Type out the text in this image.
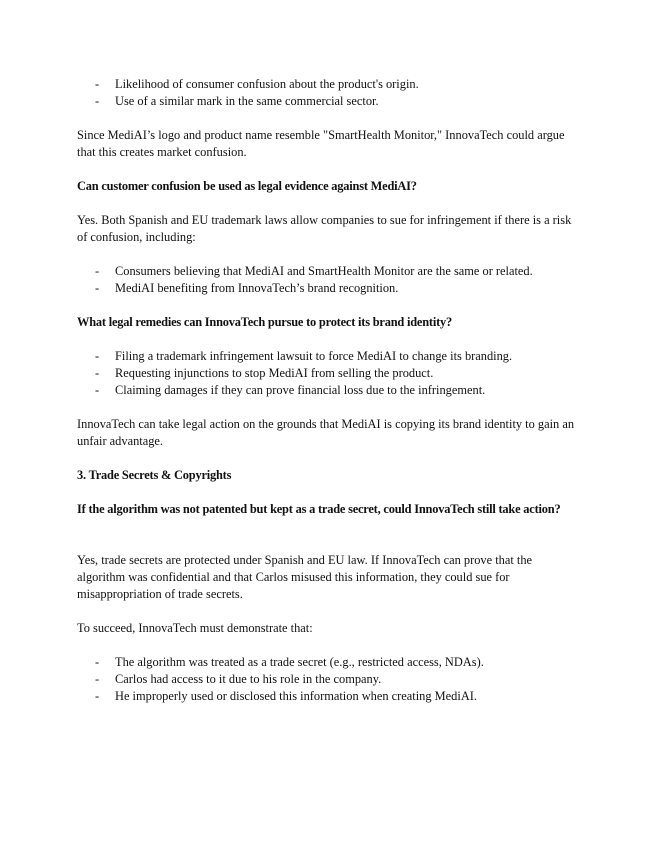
- Likelihood of consumer confusion about the product's origin.
- Use of a similar mark in the same commercial sector.

Since MediAI’s logo and product name resemble "SmartHealth Monitor," InnovaTech could argue that this creates market confusion.

Can customer confusion be used as legal evidence against MediAI?

Yes. Both Spanish and EU trademark laws allow companies to sue for infringement if there is a risk of confusion, including:

- Consumers believing that MediAI and SmartHealth Monitor are the same or related.
- MediAI benefiting from InnovaTech’s brand recognition.

What legal remedies can InnovaTech pursue to protect its brand identity?

- Filing a trademark infringement lawsuit to force MediAI to change its branding.
- Requesting injunctions to stop MediAI from selling the product.
- Claiming damages if they can prove financial loss due to the infringement.

InnovaTech can take legal action on the grounds that MediAI is copying its brand identity to gain an unfair advantage.

3. Trade Secrets & Copyrights

If the algorithm was not patented but kept as a trade secret, could InnovaTech still take action?

Yes, trade secrets are protected under Spanish and EU law. If InnovaTech can prove that the algorithm was confidential and that Carlos misused this information, they could sue for misappropriation of trade secrets.

To succeed, InnovaTech must demonstrate that:

- The algorithm was treated as a trade secret (e.g., restricted access, NDAs).
- Carlos had access to it due to his role in the company.
- He improperly used or disclosed this information when creating MediAI.
